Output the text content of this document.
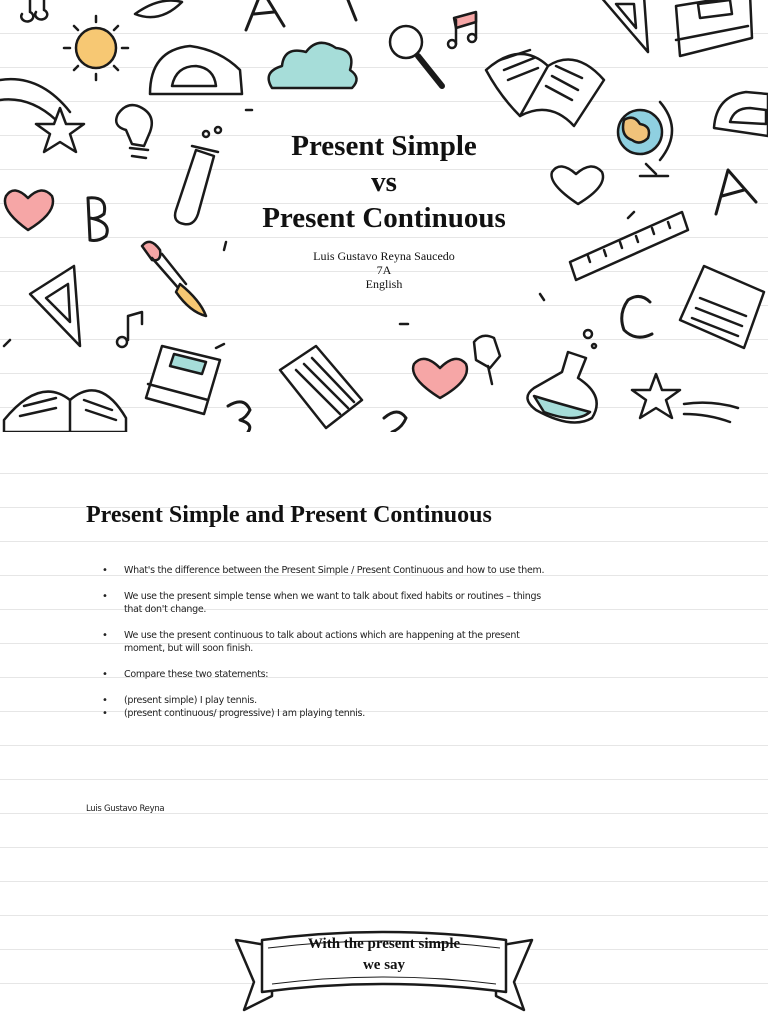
Present Simple
vs
Present Continuous
Luis Gustavo Reyna Saucedo
7A
English
Present Simple and Present Continuous
• What's the difference between the Present Simple / Present Continuous and how to use them.
• We use the present simple tense when we want to talk about fixed habits or routines – things that don't change.
• We use the present continuous to talk about actions which are happening at the present moment, but will soon finish.
• Compare these two statements:
• (present simple) I play tennis.
• (present continuous/ progressive) I am playing tennis.
Luis Gustavo Reyna
With the present simple
we say
